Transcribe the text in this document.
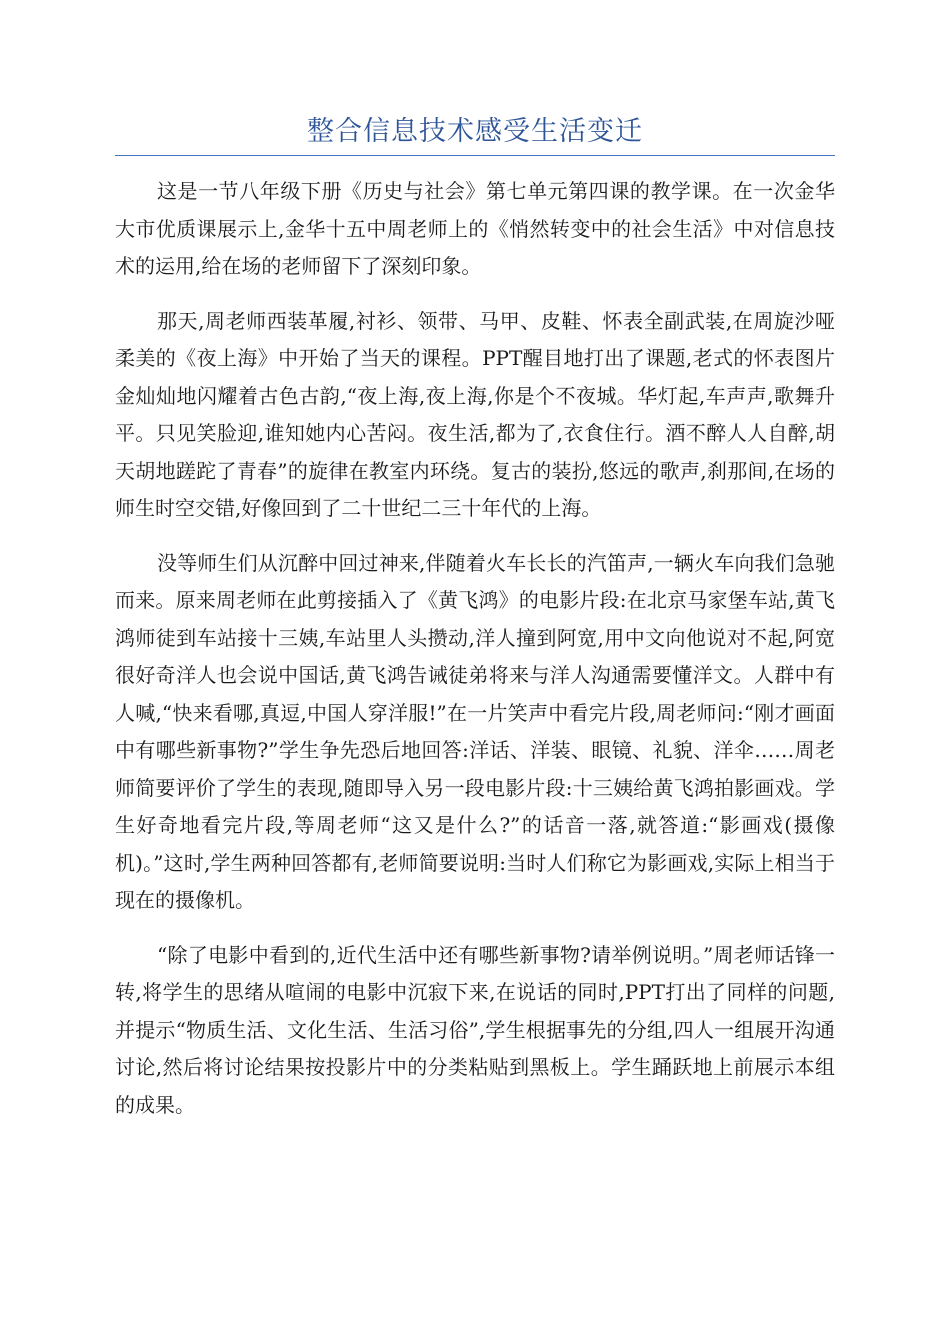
整合信息技术感受生活变迁

这是一节八年级下册《历史与社会》第七单元第四课的教学课。在一次金华大市优质课展示上,金华十五中周老师上的《悄然转变中的社会生活》中对信息技术的运用,给在场的老师留下了深刻印象。

那天,周老师西装革履,衬衫、领带、马甲、皮鞋、怀表全副武装,在周旋沙哑柔美的《夜上海》中开始了当天的课程。PPT醒目地打出了课题,老式的怀表图片金灿灿地闪耀着古色古韵,“夜上海,夜上海,你是个不夜城。华灯起,车声声,歌舞升平。只见笑脸迎,谁知她内心苦闷。夜生活,都为了,衣食住行。酒不醉人人自醉,胡天胡地蹉跎了青春”的旋律在教室内环绕。复古的装扮,悠远的歌声,刹那间,在场的师生时空交错,好像回到了二十世纪二三十年代的上海。

没等师生们从沉醉中回过神来,伴随着火车长长的汽笛声,一辆火车向我们急驰而来。原来周老师在此剪接插入了《黄飞鸿》的电影片段:在北京马家堡车站,黄飞鸿师徒到车站接十三姨,车站里人头攒动,洋人撞到阿宽,用中文向他说对不起,阿宽很好奇洋人也会说中国话,黄飞鸿告诫徒弟将来与洋人沟通需要懂洋文。人群中有人喊,“快来看哪,真逗,中国人穿洋服!”在一片笑声中看完片段,周老师问:“刚才画面中有哪些新事物?”学生争先恐后地回答:洋话、洋装、眼镜、礼貌、洋伞……周老师简要评价了学生的表现,随即导入另一段电影片段:十三姨给黄飞鸿拍影画戏。学生好奇地看完片段,等周老师“这又是什么?”的话音一落,就答道:“影画戏(摄像机)。”这时,学生两种回答都有,老师简要说明:当时人们称它为影画戏,实际上相当于现在的摄像机。

“除了电影中看到的,近代生活中还有哪些新事物?请举例说明。”周老师话锋一转,将学生的思绪从喧闹的电影中沉寂下来,在说话的同时,PPT打出了同样的问题,并提示“物质生活、文化生活、生活习俗”,学生根据事先的分组,四人一组展开沟通讨论,然后将讨论结果按投影片中的分类粘贴到黑板上。学生踊跃地上前展示本组的成果。
